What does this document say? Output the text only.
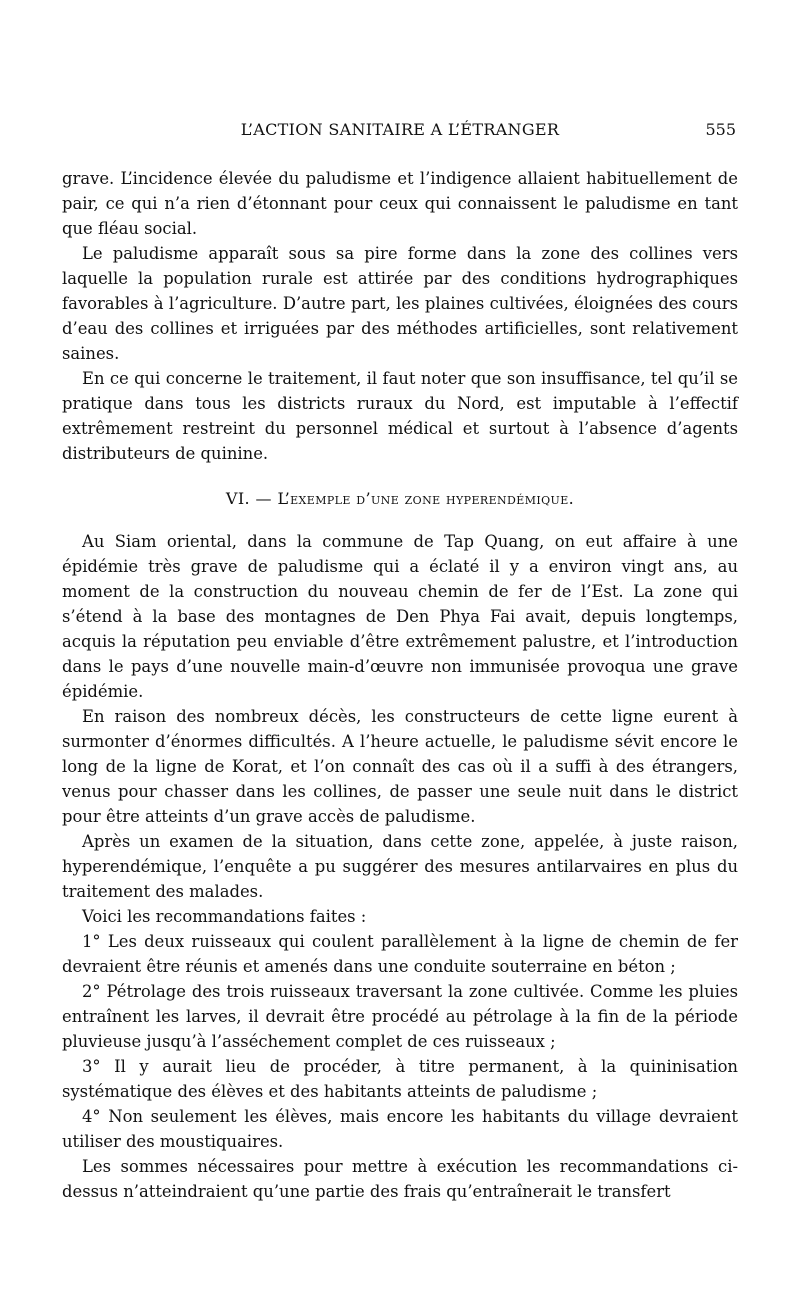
L’ACTION SANITAIRE A L’ÉTRANGER	555

grave. L’incidence élevée du paludisme et l’indigence allaient habituellement de pair, ce qui n’a rien d’étonnant pour ceux qui connaissent le paludisme en tant que fléau social.

Le paludisme apparaît sous sa pire forme dans la zone des collines vers laquelle la population rurale est attirée par des conditions hydrographiques favorables à l’agriculture. D’autre part, les plaines cultivées, éloignées des cours d’eau des collines et irriguées par des méthodes artificielles, sont relativement saines.

En ce qui concerne le traitement, il faut noter que son insuffisance, tel qu’il se pratique dans tous les districts ruraux du Nord, est imputable à l’effectif extrêmement restreint du personnel médical et surtout à l’absence d’agents distributeurs de quinine.

VI. — L’exemple d’une zone hyperendémique.

Au Siam oriental, dans la commune de Tap Quang, on eut affaire à une épidémie très grave de paludisme qui a éclaté il y a environ vingt ans, au moment de la construction du nouveau chemin de fer de l’Est. La zone qui s’étend à la base des montagnes de Den Phya Fai avait, depuis longtemps, acquis la réputation peu enviable d’être extrêmement palustre, et l’introduction dans le pays d’une nouvelle main-d’œuvre non immunisée provoqua une grave épidémie.

En raison des nombreux décès, les constructeurs de cette ligne eurent à surmonter d’énormes difficultés. A l’heure actuelle, le paludisme sévit encore le long de la ligne de Korat, et l’on connaît des cas où il a suffi à des étrangers, venus pour chasser dans les collines, de passer une seule nuit dans le district pour être atteints d’un grave accès de paludisme.

Après un examen de la situation, dans cette zone, appelée, à juste raison, hyperendémique, l’enquête a pu suggérer des mesures antilarvaires en plus du traitement des malades.

Voici les recommandations faites :

1° Les deux ruisseaux qui coulent parallèlement à la ligne de chemin de fer devraient être réunis et amenés dans une conduite souterraine en béton ;

2° Pétrolage des trois ruisseaux traversant la zone cultivée. Comme les pluies entraînent les larves, il devrait être procédé au pétrolage à la fin de la période pluvieuse jusqu’à l’asséchement complet de ces ruisseaux ;

3° Il y aurait lieu de procéder, à titre permanent, à la quininisation systématique des élèves et des habitants atteints de paludisme ;

4° Non seulement les élèves, mais encore les habitants du village devraient utiliser des moustiquaires.

Les sommes nécessaires pour mettre à exécution les recommandations ci-dessus n’atteindraient qu’une partie des frais qu’entraînerait le transfert
